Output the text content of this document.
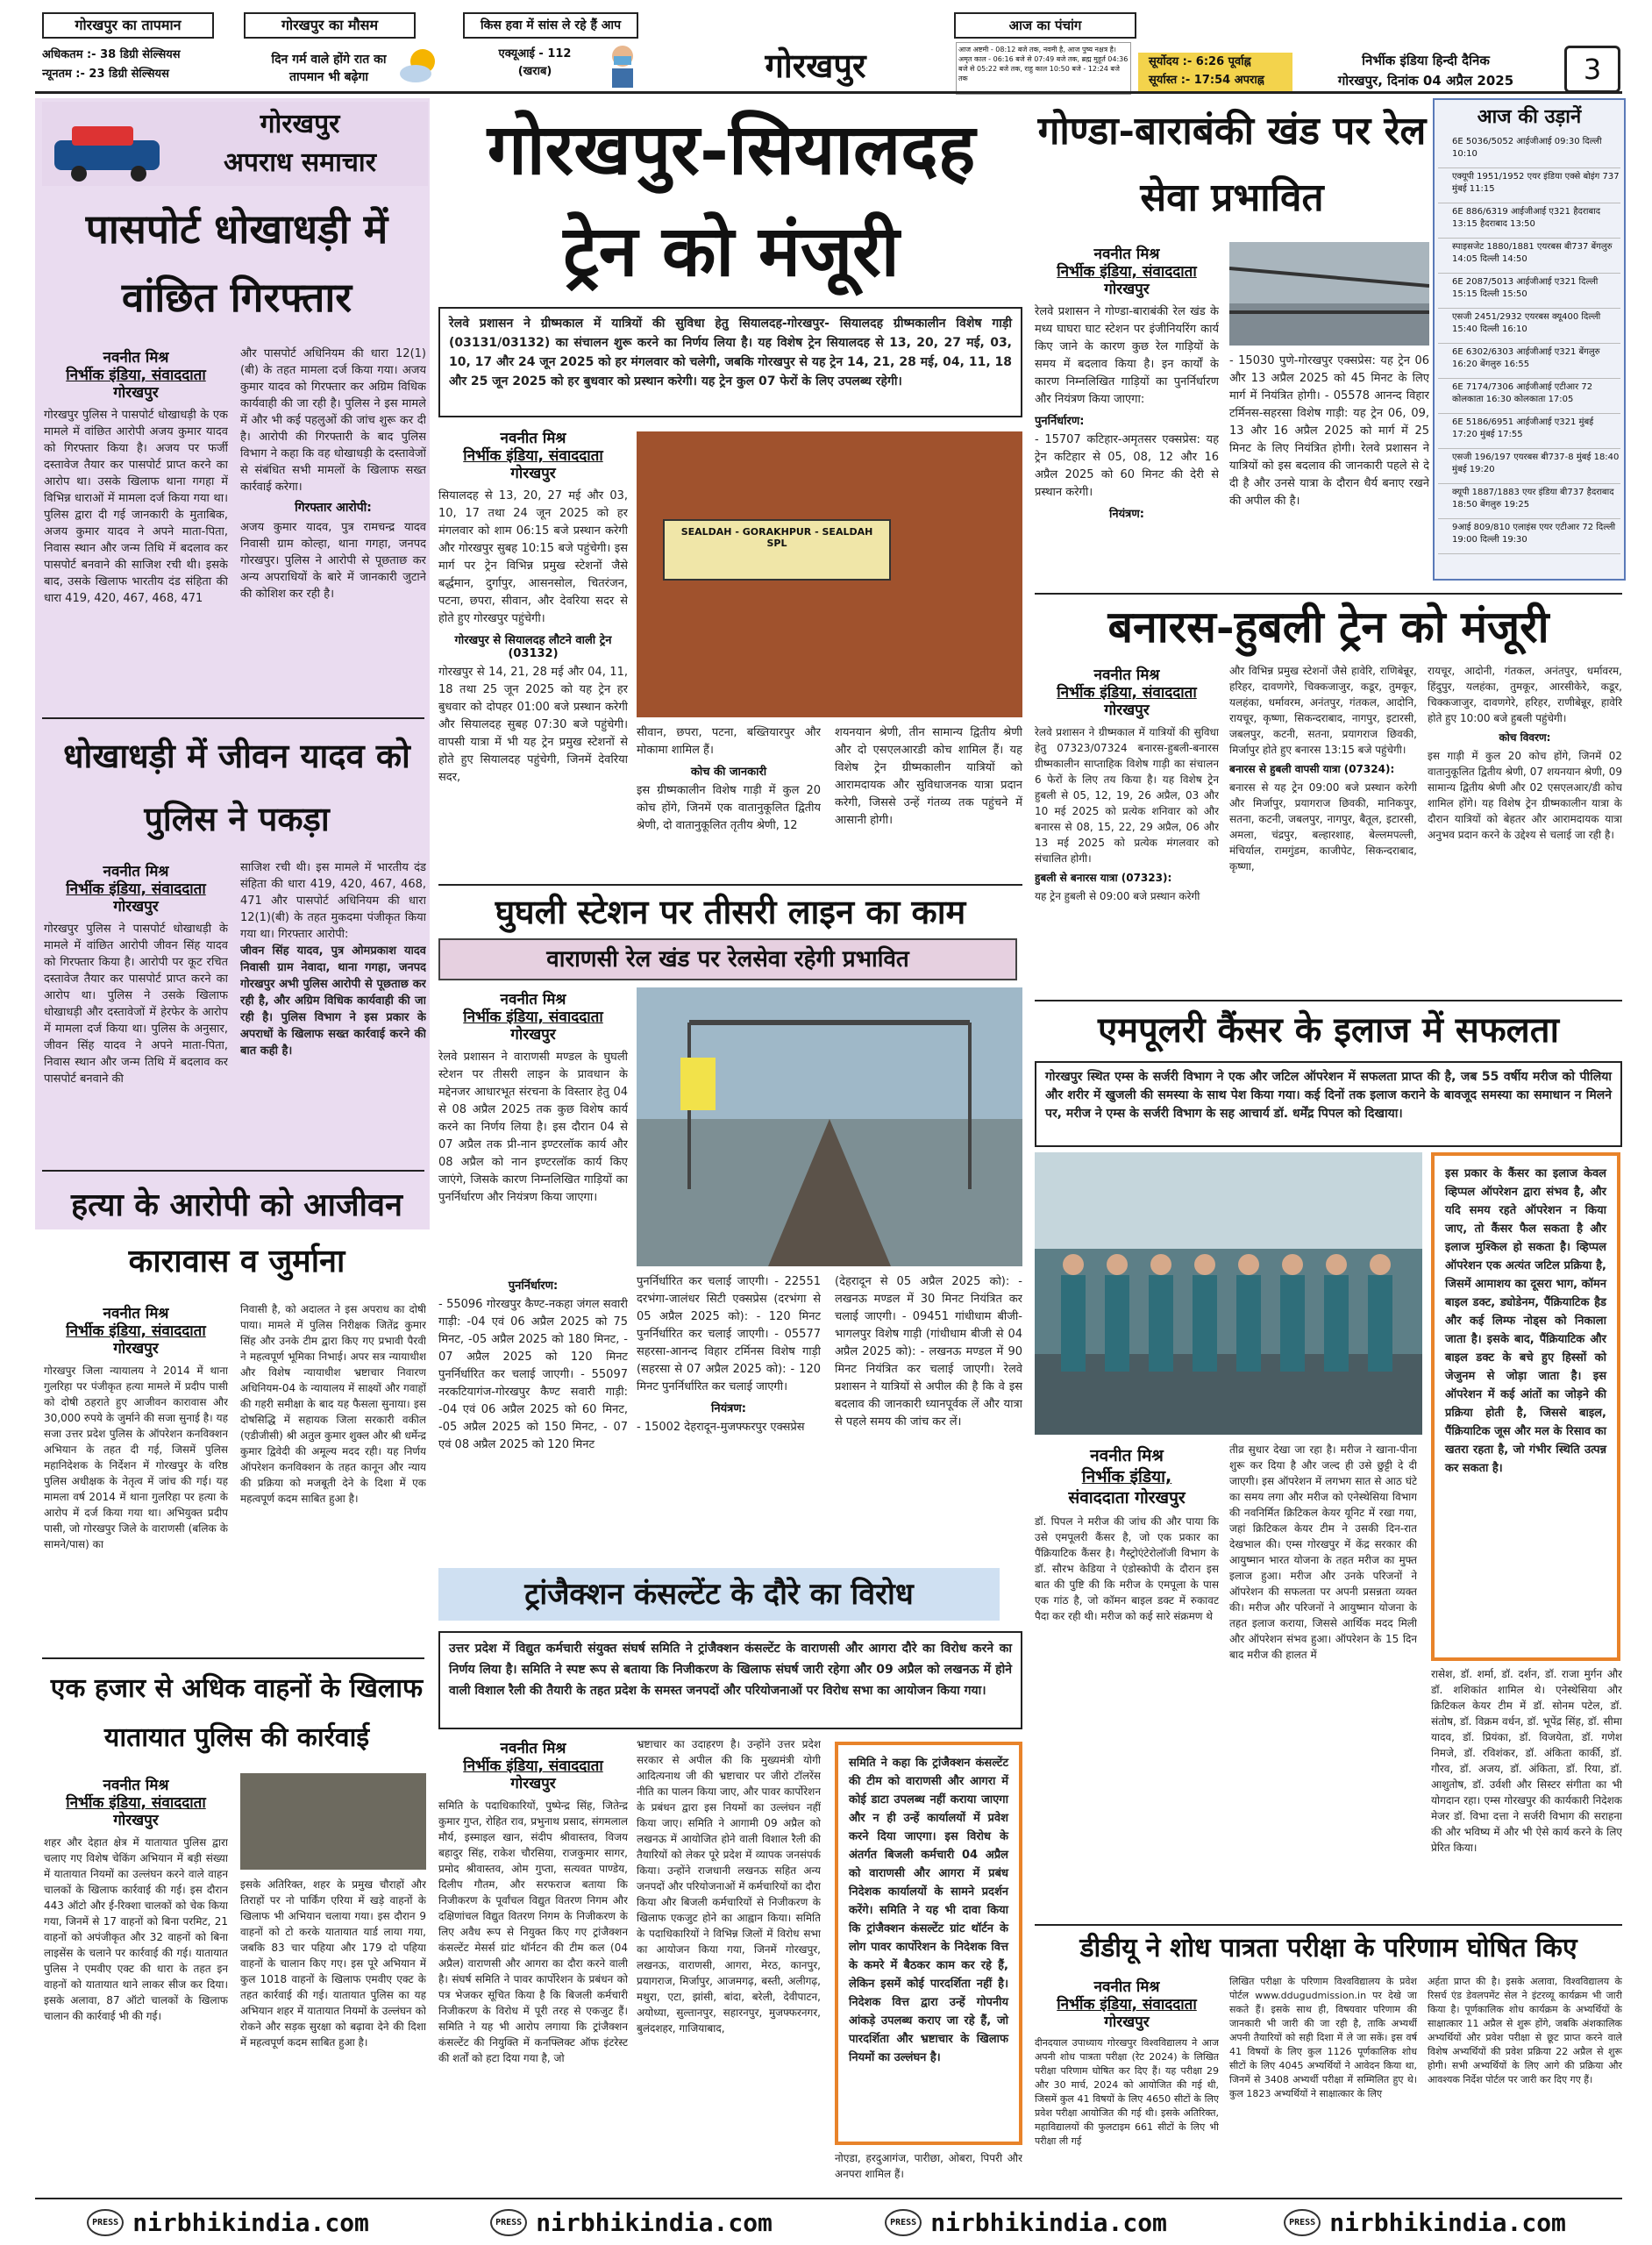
गोरखपुर का तापमान
अधिकतम :- 38 डिग्री सेल्सियस
न्यूनतम :- 23 डिग्री सेल्सियस
गोरखपुर का मौसम
दिन गर्म वाले होंगे रात का तापमान भी बढ़ेगा
किस हवा में सांस ले रहे हैं आप
एक्यूआई - 112
(खराब)	गोरखपुर
आज का पंचांग
आज अष्टमी - 08:12 बजे तक, नवमी है, आज पुष्य नक्षत्र है। अमृत काल - 06:16 बजे से 07:49 बजे तक, ब्रह्म मुहूर्त 04:36 बजे से 05:22 बजे तक, राहु काल 10:50 बजे - 12:24 बजे तक
सूर्योदय :- 6:26 पूर्वाह्न
सूर्यास्त :- 17:54 अपराह्न
निर्भीक इंडिया हिन्दी दैनिक
गोरखपुर, दिनांक 04 अप्रैल 2025	3
गोरखपुर
अपराध समाचार
पासपोर्ट धोखाधड़ी में वांछित गिरफ्तार
नवनीत मिश्र
निर्भीक इंडिया, संवाददाता
गोरखपुर
गोरखपुर पुलिस ने पासपोर्ट धोखाधड़ी के एक मामले में वांछित आरोपी अजय कुमार यादव को गिरफ्तार किया है। अजय पर फर्जी दस्तावेज तैयार कर पासपोर्ट प्राप्त करने का आरोप था। उसके खिलाफ थाना गगहा में विभिन्न धाराओं में मामला दर्ज किया गया था। पुलिस द्वारा दी गई जानकारी के मुताबिक, अजय कुमार यादव ने अपने माता-पिता, निवास स्थान और जन्म तिथि में बदलाव कर पासपोर्ट बनवाने की साजिश रची थी। इसके बाद, उसके खिलाफ भारतीय दंड संहिता की धारा 419, 420, 467, 468, 471
और पासपोर्ट अधिनियम की धारा 12(1)(बी) के तहत मामला दर्ज किया गया। अजय कुमार यादव को गिरफ्तार कर अग्रिम विधिक कार्यवाही की जा रही है। पुलिस ने इस मामले में और भी कई पहलुओं की जांच शुरू कर दी है। आरोपी की गिरफ्तारी के बाद पुलिस विभाग ने कहा कि वह धोखाधड़ी के दस्तावेजों से संबंधित सभी मामलों के खिलाफ सख्त कार्रवाई करेगा।
गिरफ्तार आरोपी:
अजय कुमार यादव, पुत्र रामचन्द्र यादव निवासी ग्राम कोल्हा, थाना गगहा, जनपद गोरखपुर। पुलिस ने आरोपी से पूछताछ कर अन्य अपराधियों के बारे में जानकारी जुटाने की कोशिश कर रही है।
धोखाधड़ी में जीवन यादव को पुलिस ने पकड़ा
नवनीत मिश्र
निर्भीक इंडिया, संवाददाता
गोरखपुर
गोरखपुर पुलिस ने पासपोर्ट धोखाधड़ी के मामले में वांछित आरोपी जीवन सिंह यादव को गिरफ्तार किया है। आरोपी पर कूट रचित दस्तावेज तैयार कर पासपोर्ट प्राप्त करने का आरोप था। पुलिस ने उसके खिलाफ धोखाधड़ी और दस्तावेजों में हेरफेर के आरोप में मामला दर्ज किया था। पुलिस के अनुसार, जीवन सिंह यादव ने अपने माता-पिता, निवास स्थान और जन्म तिथि में बदलाव कर पासपोर्ट बनवाने की
साजिश रची थी। इस मामले में भारतीय दंड संहिता की धारा 419, 420, 467, 468, 471 और पासपोर्ट अधिनियम की धारा 12(1)(बी) के तहत मुकदमा पंजीकृत किया गया था। गिरफ्तार आरोपी:
जीवन सिंह यादव, पुत्र ओमप्रकाश यादव निवासी ग्राम नेवादा, थाना गगहा, जनपद गोरखपुर अभी पुलिस आरोपी से पूछताछ कर रही है, और अग्रिम विधिक कार्यवाही की जा रही है। पुलिस विभाग ने इस प्रकार के अपराधों के खिलाफ सख्त कार्रवाई करने की बात कही है।
हत्या के आरोपी को आजीवन कारावास व जुर्माना
नवनीत मिश्र
निर्भीक इंडिया, संवाददाता
गोरखपुर
गोरखपुर जिला न्यायालय ने 2014 में थाना गुलरिहा पर पंजीकृत हत्या मामले में प्रदीप पासी को दोषी ठहराते हुए आजीवन कारावास और 30,000 रुपये के जुर्माने की सजा सुनाई है। यह सजा उत्तर प्रदेश पुलिस के ऑपरेशन कनविक्शन अभियान के तहत दी गई, जिसमें पुलिस महानिदेशक के निर्देशन में गोरखपुर के वरिष्ठ पुलिस अधीक्षक के नेतृत्व में जांच की गई। यह मामला वर्ष 2014 में थाना गुलरिहा पर हत्या के आरोप में दर्ज किया गया था। अभियुक्त प्रदीप पासी, जो गोरखपुर जिले के वाराणसी (बलिक के सामने/पास) का
निवासी है, को अदालत ने इस अपराध का दोषी पाया। मामले में पुलिस निरीक्षक जितेंद्र कुमार सिंह और उनके टीम द्वारा किए गए प्रभावी पैरवी ने महत्वपूर्ण भूमिका निभाई। अपर सत्र न्यायाधीश और विशेष न्यायाधीश भ्रष्टाचार निवारण अधिनियम-04 के न्यायालय में साक्ष्यों और गवाहों की गहरी समीक्षा के बाद यह फैसला सुनाया। इस दोषसिद्धि में सहायक जिला सरकारी वकील (एडीजीसी) श्री अतुल कुमार शुक्ल और श्री धर्मेन्द्र कुमार द्विवेदी की अमूल्य मदद रही। यह निर्णय ऑपरेशन कनविक्शन के तहत कानून और न्याय की प्रक्रिया को मजबूती देने के दिशा में एक महत्वपूर्ण कदम साबित हुआ है।
एक हजार से अधिक वाहनों के खिलाफ यातायात पुलिस की कार्रवाई
नवनीत मिश्र
निर्भीक इंडिया, संवाददाता
गोरखपुर
शहर और देहात क्षेत्र में यातायात पुलिस द्वारा चलाए गए विशेष चेकिंग अभियान में बड़ी संख्या में यातायात नियमों का उल्लंघन करने वाले वाहन चालकों के खिलाफ कार्रवाई की गई। इस दौरान 443 ऑटो और ई-रिक्शा चालकों को चेक किया गया, जिनमें से 17 वाहनों को बिना परमिट, 21 वाहनों को अपंजीकृत और 32 वाहनों को बिना लाइसेंस के चलाने पर कार्रवाई की गई। यातायात पुलिस ने एमवीए एक्ट की धारा के तहत इन वाहनों को यातायात थाने लाकर सीज कर दिया। इसके अलावा, 87 ऑटो चालकों के खिलाफ चालान की कार्रवाई भी की गई।
इसके अतिरिक्त, शहर के प्रमुख चौराहों और तिराहों पर नो पार्किंग एरिया में खड़े वाहनों के खिलाफ भी अभियान चलाया गया। इस दौरान 9 वाहनों को टो करके यातायात यार्ड लाया गया, जबकि 83 चार पहिया और 179 दो पहिया वाहनों के चालान किए गए। इस पूरे अभियान में कुल 1018 वाहनों के खिलाफ एमवीए एक्ट के तहत कार्रवाई की गई। यातायात पुलिस का यह अभियान शहर में यातायात नियमों के उल्लंघन को रोकने और सड़क सुरक्षा को बढ़ावा देने की दिशा में महत्वपूर्ण कदम साबित हुआ है।
गोरखपुर-सियालदह ट्रेन को मंजूरी
रेलवे प्रशासन ने ग्रीष्मकाल में यात्रियों की सुविधा हेतु सियालदह-गोरखपुर- सियालदह ग्रीष्मकालीन विशेष गाड़ी (03131/03132) का संचालन शुरू करने का निर्णय लिया है। यह विशेष ट्रेन सियालदह से 13, 20, 27 मई, 03, 10, 17 और 24 जून 2025 को हर मंगलवार को चलेगी, जबकि गोरखपुर से यह ट्रेन 14, 21, 28 मई, 04, 11, 18 और 25 जून 2025 को हर बुधवार को प्रस्थान करेगी। यह ट्रेन कुल 07 फेरों के लिए उपलब्ध रहेगी।
नवनीत मिश्र
निर्भीक इंडिया, संवाददाता
गोरखपुर
सियालदह से 13, 20, 27 मई और 03, 10, 17 तथा 24 जून 2025 को हर मंगलवार को शाम 06:15 बजे प्रस्थान करेगी और गोरखपुर सुबह 10:15 बजे पहुंचेगी। इस मार्ग पर ट्रेन विभिन्न प्रमुख स्टेशनों जैसे बर्द्धमान, दुर्गापुर, आसनसोल, चितरंजन, पटना, छपरा, सीवान, और देवरिया सदर से होते हुए गोरखपुर पहुंचेगी।
गोरखपुर से सियालदह लौटने वाली ट्रेन (03132)
गोरखपुर से 14, 21, 28 मई और 04, 11, 18 तथा 25 जून 2025 को यह ट्रेन हर बुधवार को दोपहर 01:00 बजे प्रस्थान करेगी और सियालदह सुबह 07:30 बजे पहुंचेगी। वापसी यात्रा में भी यह ट्रेन प्रमुख स्टेशनों से होते हुए सियालदह पहुंचेगी, जिनमें देवरिया सदर,
SEALDAH - GORAKHPUR - SEALDAH SPL
सीवान, छपरा, पटना, बख्तियारपुर और मोकामा शामिल हैं।
कोच की जानकारी
इस ग्रीष्मकालीन विशेष गाड़ी में कुल 20 कोच होंगे, जिनमें एक वातानुकूलित द्वितीय श्रेणी, दो वातानुकूलित तृतीय श्रेणी, 12
शयनयान श्रेणी, तीन सामान्य द्वितीय श्रेणी और दो एसएलआरडी कोच शामिल हैं। यह विशेष ट्रेन ग्रीष्मकालीन यात्रियों को आरामदायक और सुविधाजनक यात्रा प्रदान करेगी, जिससे उन्हें गंतव्य तक पहुंचने में आसानी होगी।
घुघली स्टेशन पर तीसरी लाइन का काम
वाराणसी रेल खंड पर रेलसेवा रहेगी प्रभावित
नवनीत मिश्र
निर्भीक इंडिया, संवाददाता
गोरखपुर
रेलवे प्रशासन ने वाराणसी मण्डल के घुघली स्टेशन पर तीसरी लाइन के प्रावधान के मद्देनजर आधारभूत संरचना के विस्तार हेतु 04 से 08 अप्रैल 2025 तक कुछ विशेष कार्य करने का निर्णय लिया है। इस दौरान 04 से 07 अप्रैल तक प्री-नान इण्टरलॉक कार्य और 08 अप्रैल को नान इण्टरलॉक कार्य किए जाएंगे, जिसके कारण निम्नलिखित गाड़ियों का पुनर्निर्धारण और नियंत्रण किया जाएगा।
पुनर्निर्धारण:
- 55096 गोरखपुर कैण्ट-नकहा जंगल सवारी गाड़ी: -04 एवं 06 अप्रैल 2025 को 75 मिनट, -05 अप्रैल 2025 को 180 मिनट, - 07 अप्रैल 2025 को 120 मिनट पुनर्निर्धारित कर चलाई जाएगी। - 55097 नरकटियागंज-गोरखपुर कैण्ट सवारी गाड़ी: -04 एवं 06 अप्रैल 2025 को 60 मिनट, -05 अप्रैल 2025 को 150 मिनट, - 07 एवं 08 अप्रैल 2025 को 120 मिनट
पुनर्निर्धारित कर चलाई जाएगी। - 22551 दरभंगा-जालंधर सिटी एक्सप्रेस (दरभंगा से 05 अप्रैल 2025 को): - 120 मिनट पुनर्निर्धारित कर चलाई जाएगी। - 05577 सहरसा-आनन्द विहार टर्मिनस विशेष गाड़ी (सहरसा से 07 अप्रैल 2025 को): - 120 मिनट पुनर्निर्धारित कर चलाई जाएगी।
नियंत्रण:
- 15002 देहरादून-मुजफ्फरपुर एक्सप्रेस
(देहरादून से 05 अप्रैल 2025 को): - लखनऊ मण्डल में 30 मिनट नियंत्रित कर चलाई जाएगी। - 09451 गांधीधाम बीजी-भागलपुर विशेष गाड़ी (गांधीधाम बीजी से 04 अप्रैल 2025 को): - लखनऊ मण्डल में 90 मिनट नियंत्रित कर चलाई जाएगी। रेलवे प्रशासन ने यात्रियों से अपील की है कि वे इस बदलाव की जानकारी ध्यानपूर्वक लें और यात्रा से पहले समय की जांच कर लें।
ट्रांजैक्शन कंसल्टेंट के दौरे का विरोध
उत्तर प्रदेश में विद्युत कर्मचारी संयुक्त संघर्ष समिति ने ट्रांजैक्शन कंसल्टेंट के वाराणसी और आगरा दौरे का विरोध करने का निर्णय लिया है। समिति ने स्पष्ट रूप से बताया कि निजीकरण के खिलाफ संघर्ष जारी रहेगा और 09 अप्रैल को लखनऊ में होने वाली विशाल रैली की तैयारी के तहत प्रदेश के समस्त जनपदों और परियोजनाओं पर विरोध सभा का आयोजन किया गया।
नवनीत मिश्र
निर्भीक इंडिया, संवाददाता
गोरखपुर
समिति के पदाधिकारियों, पुष्पेन्द्र सिंह, जितेन्द्र कुमार गुप्त, रोहित राव, प्रभुनाथ प्रसाद, संगमलाल मौर्य, इस्माइल खान, संदीप श्रीवास्तव, विजय बहादुर सिंह, राकेश चौरसिया, राजकुमार सागर, प्रमोद श्रीवास्तव, ओम गुप्ता, सत्यवत पाण्डेय, दिलीप गौतम, और सरफराज बताया कि निजीकरण के पूर्वांचल विद्युत वितरण निगम और दक्षिणांचल विद्युत वितरण निगम के निजीकरण के लिए अवैध रूप से नियुक्त किए गए ट्रांजैक्शन कंसल्टेंट मेसर्स ग्रांट थॉर्नटन की टीम कल (04 अप्रैल) वाराणसी और आगरा का दौरा करने वाली है। संघर्ष समिति ने पावर कार्पोरेशन के प्रबंधन को पत्र भेजकर सूचित किया है कि बिजली कर्मचारी निजीकरण के विरोध में पूरी तरह से एकजुट हैं। समिति ने यह भी आरोप लगाया कि ट्रांजैक्शन कंसल्टेंट की नियुक्ति में कनफ्लिक्ट ऑफ इंटरेस्ट की शर्तों को हटा दिया गया है, जो
भ्रष्टाचार का उदाहरण है। उन्होंने उत्तर प्रदेश सरकार से अपील की कि मुख्यमंत्री योगी आदित्यनाथ जी की भ्रष्टाचार पर जीरो टॉलरेंस नीति का पालन किया जाए, और पावर कार्पोरेशन के प्रबंधन द्वारा इस नियमों का उल्लंघन नहीं किया जाए। समिति ने आगामी 09 अप्रैल को लखनऊ में आयोजित होने वाली विशाल रैली की तैयारियों को लेकर पूरे प्रदेश में व्यापक जनसंपर्क किया। उन्होंने राजधानी लखनऊ सहित अन्य जनपदों और परियोजनाओं में कर्मचारियों का दौरा किया और बिजली कर्मचारियों से निजीकरण के खिलाफ एकजुट होने का आह्वान किया। समिति के पदाधिकारियों ने विभिन्न जिलों में विरोध सभा का आयोजन किया गया, जिनमें गोरखपुर, लखनऊ, वाराणसी, आगरा, मेरठ, कानपुर, प्रयागराज, मिर्जापुर, आजमगढ़, बस्ती, अलीगढ़, मथुरा, एटा, झांसी, बांदा, बरेली, देवीपाटन, अयोध्या, सुल्तानपुर, सहारनपुर, मुजफ्फरनगर, बुलंदशहर, गाजियाबाद,
समिति ने कहा कि ट्रांजैक्शन कंसल्टेंट की टीम को वाराणसी और आगरा में कोई डाटा उपलब्ध नहीं कराया जाएगा और न ही उन्हें कार्यालयों में प्रवेश करने दिया जाएगा। इस विरोध के अंतर्गत बिजली कर्मचारी 04 अप्रैल को वाराणसी और आगरा में प्रबंध निदेशक कार्यालयों के सामने प्रदर्शन करेंगे। समिति ने यह भी दावा किया कि ट्रांजैक्शन कंसल्टेंट ग्रांट थॉर्टन के लोग पावर कार्पोरेशन के निदेशक वित्त के कमरे में बैठकर काम कर रहे हैं, लेकिन इसमें कोई पारदर्शिता नहीं है। निदेशक वित्त द्वारा उन्हें गोपनीय आंकड़े उपलब्ध कराए जा रहे हैं, जो पारदर्शिता और भ्रष्टाचार के खिलाफ नियमों का उल्लंघन है।
नोएडा, हरदुआगंज, पारीछा, ओबरा, पिपरी और अनपरा शामिल हैं।
गोण्डा-बाराबंकी खंड पर रेल सेवा प्रभावित
नवनीत मिश्र
निर्भीक इंडिया, संवाददाता
गोरखपुर
रेलवे प्रशासन ने गोण्डा-बाराबंकी रेल खंड के मध्य घाघरा घाट स्टेशन पर इंजीनियरिंग कार्य किए जाने के कारण कुछ रेल गाड़ियों के समय में बदलाव किया है। इन कार्यों के कारण निम्नलिखित गाड़ियों का पुनर्निर्धारण और नियंत्रण किया जाएगा:
पुनर्निर्धारण:
- 15707 कटिहार-अमृतसर एक्सप्रेस: यह ट्रेन कटिहार से 05, 08, 12 और 16 अप्रैल 2025 को 60 मिनट की देरी से प्रस्थान करेगी।
नियंत्रण:
- 15030 पुणे-गोरखपुर एक्सप्रेस: यह ट्रेन 06 और 13 अप्रैल 2025 को 45 मिनट के लिए मार्ग में नियंत्रित होगी। - 05578 आनन्द विहार टर्मिनस-सहरसा विशेष गाड़ी: यह ट्रेन 06, 09, 13 और 16 अप्रैल 2025 को मार्ग में 25 मिनट के लिए नियंत्रित होगी। रेलवे प्रशासन ने यात्रियों को इस बदलाव की जानकारी पहले से दे दी है और उनसे यात्रा के दौरान धैर्य बनाए रखने की अपील की है।
आज की उड़ानें
6E 5036/5052 आईजीआई 09:30 दिल्ली 10:10
एक्यूपी 1951/1952 एयर इंडिया एक्से बोइंग 737 मुंबई 11:15
6E 886/6319 आईजीआई ए321 हैदराबाद 13:15 हैदराबाद 13:50
स्पाइसजेट 1880/1881 एयरबस बी737 बेंगलुरु 14:05 दिल्ली 14:50
6E 2087/5013 आईजीआई ए321 दिल्ली 15:15 दिल्ली 15:50
एसजी 2451/2932 एयरबस क्यू400 दिल्ली 15:40 दिल्ली 16:10
6E 6302/6303 आईजीआई ए321 बेंगलुरु 16:20 बेंगलुरु 16:55
6E 7174/7306 आईजीआई एटीआर 72 कोलकाता 16:30 कोलकाता 17:05
6E 5186/6951 आईजीआई ए321 मुंबई 17:20 मुंबई 17:55
एसजी 196/197 एयरबस बी737-8 मुंबई 18:40 मुंबई 19:20
क्यूपी 1887/1883 एयर इंडिया बी737 हैदराबाद 18:50 बेंगलुरु 19:25
9आई 809/810 एलाइंस एयर एटीआर 72 दिल्ली 19:00 दिल्ली 19:30
बनारस-हुबली ट्रेन को मंजूरी
नवनीत मिश्र
निर्भीक इंडिया, संवाददाता
गोरखपुर
रेलवे प्रशासन ने ग्रीष्मकाल में यात्रियों की सुविधा हेतु 07323/07324 बनारस-हुबली-बनारस ग्रीष्मकालीन साप्ताहिक विशेष गाड़ी का संचालन 6 फेरों के लिए तय किया है। यह विशेष ट्रेन हुबली से 05, 12, 19, 26 अप्रैल, 03 और 10 मई 2025 को प्रत्येक शनिवार को और बनारस से 08, 15, 22, 29 अप्रैल, 06 और 13 मई 2025 को प्रत्येक मंगलवार को संचालित होगी।
हुबली से बनारस यात्रा (07323):
यह ट्रेन हुबली से 09:00 बजे प्रस्थान करेगी
और विभिन्न प्रमुख स्टेशनों जैसे हावेरि, राणिबेन्नूर, हरिहर, दावणगेरे, चिक्कजाजुर, कडूर, तुमकूर, यलहंका, धर्मावरम, अनंतपुर, गंतकल, आदोनि, रायचूर, कृष्णा, सिकन्दराबाद, नागपुर, इटारसी, जबलपुर, कटनी, सतना, प्रयागराज छिवकी, मिर्जापुर होते हुए बनारस 13:15 बजे पहुंचेगी।
बनारस से हुबली वापसी यात्रा (07324):
बनारस से यह ट्रेन 09:00 बजे प्रस्थान करेगी और मिर्जापुर, प्रयागराज छिवकी, मानिकपुर, सतना, कटनी, जबलपुर, नागपुर, बैतूल, इटारसी, अमला, चंद्रपुर, बल्हारशाह, बेल्लमपल्ली, मंचिर्याल, रामगुंडम, काजीपेट, सिकन्दराबाद, कृष्णा,
रायचूर, आदोनी, गंतकल, अनंतपुर, धर्मावरम, हिंदुपुर, यलहंका, तुमकूर, आरसीकेरे, कडूर, चिक्कजाजुर, दावणगेरे, हरिहर, राणीबेन्नूर, हावेरि होते हुए 10:00 बजे हुबली पहुंचेगी।
कोच विवरण:
इस गाड़ी में कुल 20 कोच होंगे, जिनमें 02 वातानुकूलित द्वितीय श्रेणी, 07 शयनयान श्रेणी, 09 सामान्य द्वितीय श्रेणी और 02 एसएलआर/डी कोच शामिल होंगे। यह विशेष ट्रेन ग्रीष्मकालीन यात्रा के दौरान यात्रियों को बेहतर और आरामदायक यात्रा अनुभव प्रदान करने के उद्देश्य से चलाई जा रही है।
एमपूलरी कैंसर के इलाज में सफलता
गोरखपुर स्थित एम्स के सर्जरी विभाग ने एक और जटिल ऑपरेशन में सफलता प्राप्त की है, जब 55 वर्षीय मरीज को पीलिया और शरीर में खुजली की समस्या के साथ पेश किया गया। कई दिनों तक इलाज कराने के बावजूद समस्या का समाधान न मिलने पर, मरीज ने एम्स के सर्जरी विभाग के सह आचार्य डॉ. धर्मेंद्र पिपल को दिखाया।
इस प्रकार के कैंसर का इलाज केवल व्हिप्पल ऑपरेशन द्वारा संभव है, और यदि समय रहते ऑपरेशन न किया जाए, तो कैंसर फैल सकता है और इलाज मुश्किल हो सकता है। व्हिप्पल ऑपरेशन एक अत्यंत जटिल प्रक्रिया है, जिसमें आमाशय का दूसरा भाग, कॉमन बाइल डक्ट, ड्योडेनम, पैंक्रियाटिक हैड और कई लिम्फ नोड्स को निकाला जाता है। इसके बाद, पैंक्रियाटिक और बाइल डक्ट के बचे हुए हिस्सों को जेजुनम से जोड़ा जाता है। इस ऑपरेशन में कई आंतों का जोड़ने की प्रक्रिया होती है, जिससे बाइल, पैंक्रियाटिक जूस और मल के रिसाव का खतरा रहता है, जो गंभीर स्थिति उत्पन्न कर सकता है।
नवनीत मिश्र
निर्भीक इंडिया,
संवाददाता गोरखपुर
डॉ. पिपल ने मरीज की जांच की और पाया कि उसे एमपूलरी कैंसर है, जो एक प्रकार का पैंक्रियाटिक कैंसर है। गैस्ट्रोएंटेरोलॉजी विभाग के डॉ. सौरभ केडिया ने एंडोस्कोपी के दौरान इस बात की पुष्टि की कि मरीज के एमपूला के पास एक गांठ है, जो कॉमन बाइल डक्ट में रुकावट पैदा कर रही थी। मरीज को कई सारे संक्रमण थे
तीव्र सुधार देखा जा रहा है। मरीज ने खाना-पीना शुरू कर दिया है और जल्द ही उसे छुट्टी दे दी जाएगी। इस ऑपरेशन में लगभग सात से आठ घंटे का समय लगा और मरीज को एनेस्थेसिया विभाग की नवनिर्मित क्रिटिकल केयर यूनिट में रखा गया, जहां क्रिटिकल केयर टीम ने उसकी दिन-रात देखभाल की। एम्स गोरखपुर में केंद्र सरकार की आयुष्मान भारत योजना के तहत मरीज का मुफ्त इलाज हुआ। मरीज और उनके परिजनों ने ऑपरेशन की सफलता पर अपनी प्रसन्नता व्यक्त की। मरीज और परिजनों ने आयुष्मान योजना के तहत इलाज कराया, जिससे आर्थिक मदद मिली और ऑपरेशन संभव हुआ। ऑपरेशन के 15 दिन बाद मरीज की हालत में
रासेश, डॉ. शर्मा, डॉ. दर्शन, डॉ. राजा मुर्गन और डॉ. शशिकांत शामिल थे। एनेस्थेसिया और क्रिटिकल केयर टीम में डॉ. सोनम पटेल, डॉ. संतोष, डॉ. विक्रम वर्धन, डॉ. भूपेंद्र सिंह, डॉ. सीमा यादव, डॉ. प्रियंका, डॉ. विजयेता, डॉ. गणेश निमजे, डॉ. रविशंकर, डॉ. अंकिता कार्की, डॉ. गौरव, डॉ. अजय, डॉ. अंकिता, डॉ. रिया, डॉ. आशुतोष, डॉ. उर्वशी और सिस्टर संगीता का भी योगदान रहा। एम्स गोरखपुर की कार्यकारी निदेशक मेजर डॉ. विभा दत्ता ने सर्जरी विभाग की सराहना की और भविष्य में और भी ऐसे कार्य करने के लिए प्रेरित किया।
डीडीयू ने शोध पात्रता परीक्षा के परिणाम घोषित किए
नवनीत मिश्र
निर्भीक इंडिया, संवाददाता
गोरखपुर
दीनदयाल उपाध्याय गोरखपुर विश्वविद्यालय ने आज अपनी शोध पात्रता परीक्षा (रेट 2024) के लिखित परीक्षा परिणाम घोषित कर दिए हैं। यह परीक्षा 29 और 30 मार्च, 2024 को आयोजित की गई थी, जिसमें कुल 41 विषयों के लिए 4650 सीटों के लिए प्रवेश परीक्षा आयोजित की गई थी। इसके अतिरिक्त, महाविद्यालयों की फुलटाइम 661 सीटों के लिए भी परीक्षा ली गई
लिखित परीक्षा के परिणाम विश्वविद्यालय के प्रवेश पोर्टल www.ddugudmission.in पर देखे जा सकते हैं। इसके साथ ही, विषयवार परिणाम की जानकारी भी जारी की जा रही है, ताकि अभ्यर्थी अपनी तैयारियों को सही दिशा में ले जा सकें। इस वर्ष 41 विषयों के लिए कुल 1126 पूर्णकालिक शोध सीटों के लिए 4045 अभ्यर्थियों ने आवेदन किया था, जिनमें से 3408 अभ्यर्थी परीक्षा में सम्मिलित हुए थे। कुल 1823 अभ्यर्थियों ने साक्षात्कार के लिए
अर्हता प्राप्त की है। इसके अलावा, विश्वविद्यालय के रिसर्च एंड डेवलपमेंट सेल ने इंटरव्यू कार्यक्रम भी जारी किया है। पूर्णकालिक शोध कार्यक्रम के अभ्यर्थियों के साक्षात्कार 11 अप्रैल से शुरू होंगे, जबकि अंशकालिक अभ्यर्थियों और प्रवेश परीक्षा से छूट प्राप्त करने वाले विशेष अभ्यर्थियों की प्रवेश प्रक्रिया 22 अप्रैल से शुरू होगी। सभी अभ्यर्थियों के लिए आगे की प्रक्रिया और आवश्यक निर्देश पोर्टल पर जारी कर दिए गए हैं।
PRESS nirbhikindia.com	PRESS nirbhikindia.com	PRESS nirbhikindia.com	PRESS nirbhikindia.com
